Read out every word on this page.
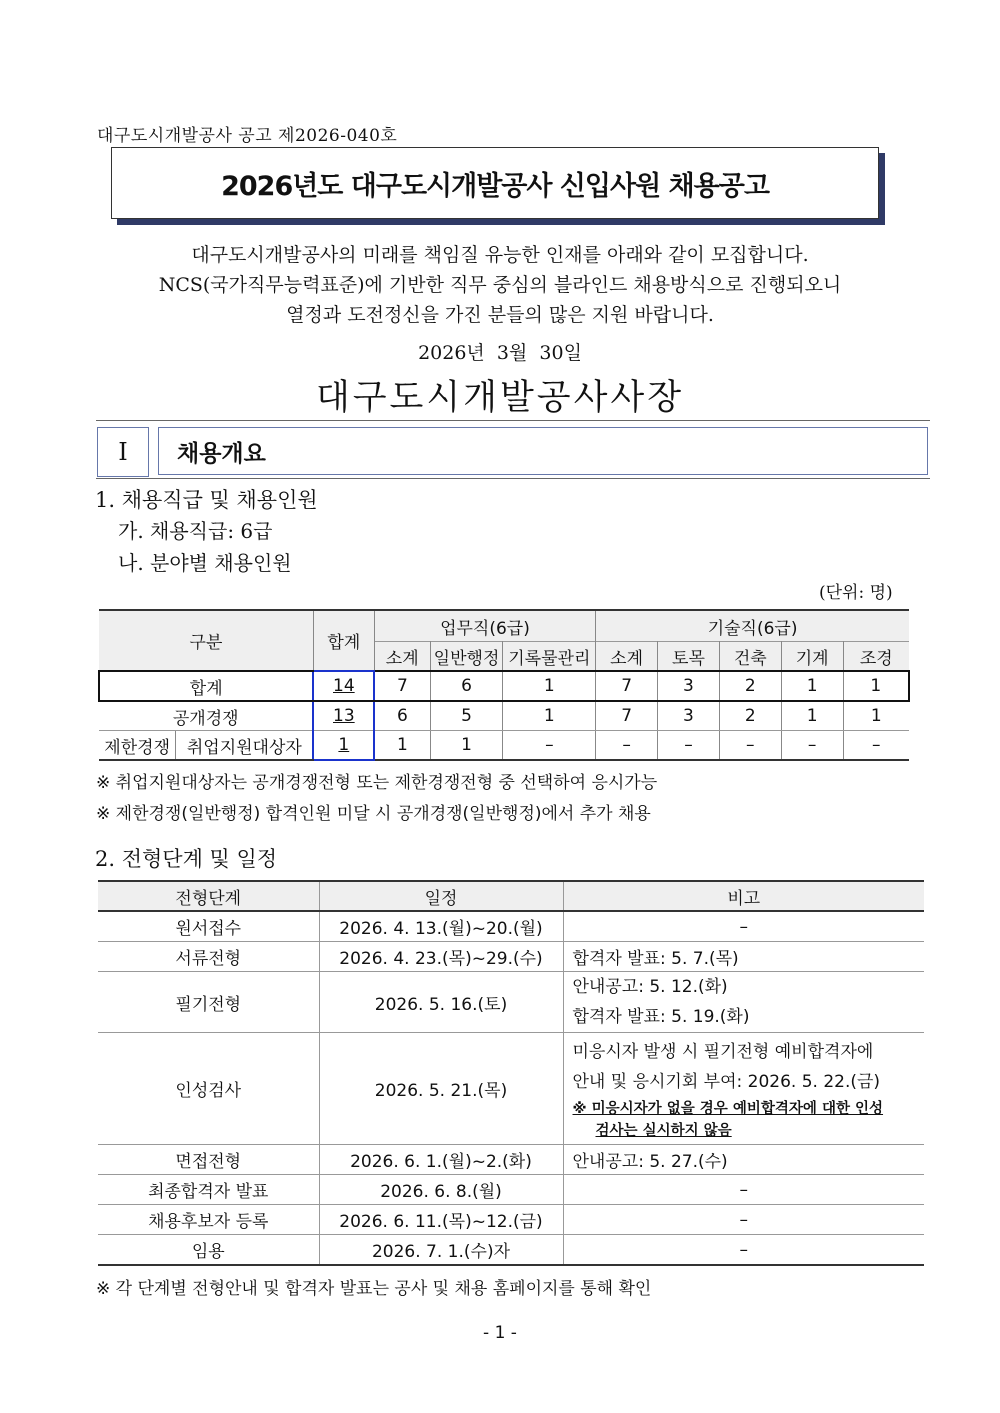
대구도시개발공사 공고 제2026-040호
2026년도 대구도시개발공사 신입사원 채용공고
대구도시개발공사의 미래를 책임질 유능한 인재를 아래와 같이 모집합니다.
NCS(국가직무능력표준)에 기반한 직무 중심의 블라인드 채용방식으로 진행되오니
열정과 도전정신을 가진 분들의 많은 지원 바랍니다.
2026년  3월  30일
대구도시개발공사사장
Ⅰ	채용개요
1. 채용직급 및 채용인원
가. 채용직급: 6급
나. 분야별 채용인원
(단위: 명)
구분		합계	업무직(6급)			기술직(6급)				
			소계	일반행정	기록물관리	소계	토목	건축	기계	조경
합계		14	7	6	1	7	3	2	1	1
공개경쟁		13	6	5	1	7	3	2	1	1
제한경쟁	취업지원대상자	1	1	1	–	–	–	–	–	–
※ 취업지원대상자는 공개경쟁전형 또는 제한경쟁전형 중 선택하여 응시가능
※ 제한경쟁(일반행정) 합격인원 미달 시 공개경쟁(일반행정)에서 추가 채용
2. 전형단계 및 일정
전형단계	일정	비고
원서접수	2026. 4. 13.(월)~20.(월)	–
서류전형	2026. 4. 23.(목)~29.(수)	합격자 발표: 5. 7.(목)
필기전형	2026. 5. 16.(토)	안내공고: 5. 12.(화)
합격자 발표: 5. 19.(화)

인성검사	2026. 5. 21.(목)	미응시자 발생 시 필기전형 예비합격자에
안내 및 응시기회 부여: 2026. 5. 22.(금)
※ 미응시자가 없을 경우 예비합격자에 대한 인성
검사는 실시하지 않음

면접전형	2026. 6. 1.(월)~2.(화)	안내공고: 5. 27.(수)
최종합격자 발표	2026. 6. 8.(월)	–
채용후보자 등록	2026. 6. 11.(목)~12.(금)	–
임용	2026. 7. 1.(수)자	–
※ 각 단계별 전형안내 및 합격자 발표는 공사 및 채용 홈페이지를 통해 확인
- 1 -
